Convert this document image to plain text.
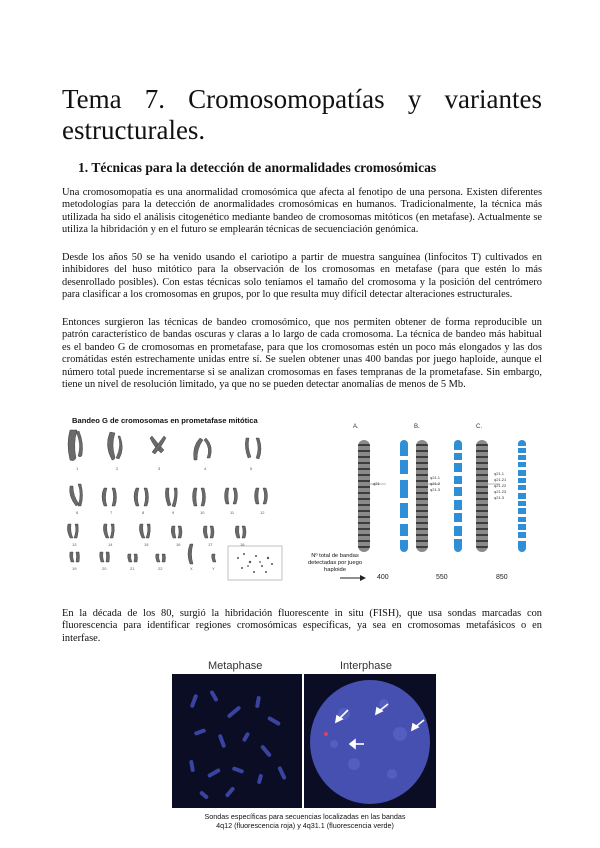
Tema 7. Cromosomopatías y variantes
estructurales.
1. Técnicas para la detección de anormalidades cromosómicas

Una cromosomopatía es una anormalidad cromosómica que afecta al fenotipo de una persona. Existen diferentes metodologías para la detección de anormalidades cromosómicas en humanos. Tradicionalmente, la técnica más utilizada ha sido el análisis citogenético mediante bandeo de cromosomas mitóticos (en metafase). Actualmente se utiliza la hibridación y en el futuro se emplearán técnicas de secuenciación genómica.

Desde los años 50 se ha venido usando el cariotipo a partir de muestra sanguínea (linfocitos T) cultivados en inhibidores del huso mitótico para la observación de los cromosomas en metafase (para que estén lo más desenrollado posibles). Con estas técnicas solo teníamos el tamaño del cromosoma y la posición del centrómero para clasificar a los cromosomas en grupos, por lo que resulta muy difícil detectar alteraciones estructurales.

Entonces surgieron las técnicas de bandeo cromosómico, que nos permiten obtener de forma reproducible un patrón característico de bandas oscuras y claras a lo largo de cada cromosoma. La técnica de bandeo más habitual es el bandeo G de cromosomas en prometafase, para que los cromosomas estén un poco más elongados y las dos cromátidas estén estrechamente unidas entre sí. Se suelen obtener unas 400 bandas por juego haploide, aunque el número total puede incrementarse si se analizan cromosomas en fases tempranas de la prometafase. Sin embargo, tiene un nivel de resolución limitado, ya que no se pueden detectar anomalías de menos de 5 Mb.

Bandeo G de cromosomas en prometafase mitótica
1	2	3	4	5
6	7	8	9	10	11	12
13	14	15	16	17	18
19	20	21	22	X	Y
A.	B.	C.
q21
q21.1
q21.2
q21.3
q21.1
q21.21
q21.22
q21.23
q21.3
Nº total de bandas detectadas por juego haploide
400	550	850

En la década de los 80, surgió la hibridación fluorescente in situ (FISH), que usa sondas marcadas con fluorescencia para identificar regiones cromosómicas específicas, ya sea en cromosomas metafásicos o en interfase.

Metaphase	Interphase
Sondas específicas para secuencias localizadas en las bandas
4q12 (fluorescencia roja) y 4q31.1 (fluorescencia verde)
